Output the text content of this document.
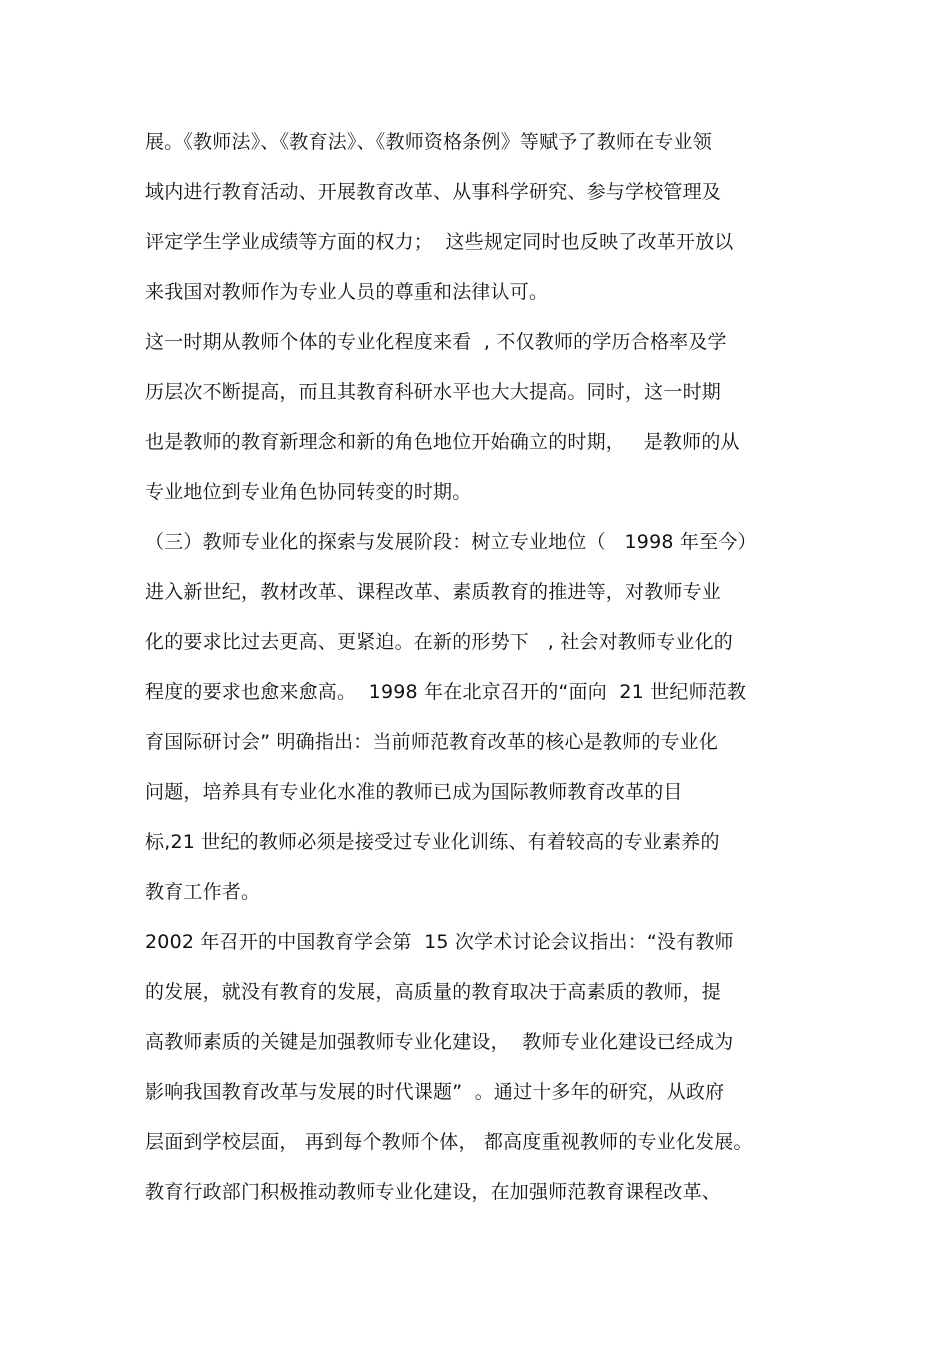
展。《教师法》、《教育法》、《教师资格条例》等赋予了教师在专业领
域内进行教育活动、开展教育改革、从事科学研究、参与学校管理及
评定学生学业成绩等方面的权力；  这些规定同时也反映了改革开放以
来我国对教师作为专业人员的尊重和法律认可。
这一时期从教师个体的专业化程度来看  , 不仅教师的学历合格率及学
历层次不断提高，而且其教育科研水平也大大提高。同时，这一时期
也是教师的教育新理念和新的角色地位开始确立的时期，   是教师的从
专业地位到专业角色协同转变的时期。
（三）教师专业化的探索与发展阶段：树立专业地位（   1998 年至今）
进入新世纪，教材改革、课程改革、素质教育的推进等，对教师专业
化的要求比过去更高、更紧迫。在新的形势下   , 社会对教师专业化的
程度的要求也愈来愈高。  1998 年在北京召开的“面向  21 世纪师范教
育国际研讨会” 明确指出：当前师范教育改革的核心是教师的专业化
问题，培养具有专业化水准的教师已成为国际教师教育改革的目
标,21 世纪的教师必须是接受过专业化训练、有着较高的专业素养的
教育工作者。
2002 年召开的中国教育学会第  15 次学术讨论会议指出：“没有教师
的发展，就没有教育的发展，高质量的教育取决于高素质的教师，提
高教师素质的关键是加强教师专业化建设，  教师专业化建设已经成为
影响我国教育改革与发展的时代课题”  。通过十多年的研究，从政府
层面到学校层面， 再到每个教师个体， 都高度重视教师的专业化发展。
教育行政部门积极推动教师专业化建设，在加强师范教育课程改革、
